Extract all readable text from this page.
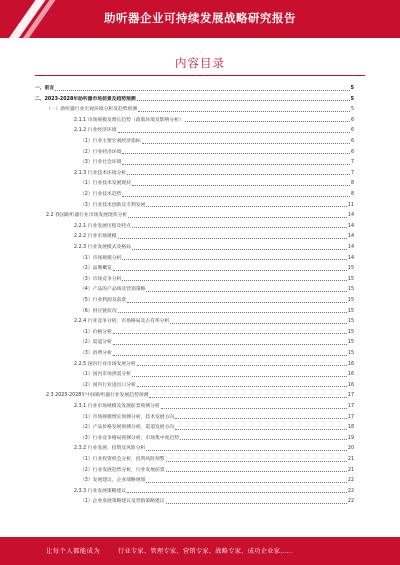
助听器企业可持续发展战略研究报告
内容目录
一、前言	5
二、2023-2028年助听器市场前景及趋势预测	5
（一）助听器行业宏观环境分析及趋势预测	5
2.1.1 市场规模及增长趋势（政策环境及影响分析）	6
2.1.2 行业经济环境	6
（1）行业主要宏观经济指标	6
（2）行业经济环境	6
（3）行业社会环境	7
2.1.3 行业技术环境分析	7
（1）行业技术发展现状	8
（2）行业技术趋势	8
（3）行业技术创新及专利发展	11
2.2 我国助听器行业市场发展现状分析	14
2.2.1 行业发展历程及特点	14
2.2.2 行业市场规模	14
2.2.3 行业发展模式及格局	14
（1）市场规模分析	14
（2）品牌概览	15
（3）市场竞争分析	15
（4）产品的产品线及营销策略	15
（5）行业利润及前景	15
（6）供应链状况	15
2.2.4 行业竞争分析、市场格局及占有率分析	15
（1）价格分析	15
（2）渠道分析	15
（3）消费分析	15
2.2.5 国内行业市场发展分析	16
（1）国内市场供需分析	16
（2）国内行业进出口分析	16
2.3 2023-2028年中国助听器行业发展趋势预测	17
2.3.1 行业市场规模及发展前景预测分析	17
（1）市场规模增长预测分析，技术发展方向	17
（2）产品价格发展预测分析，渠道发展方向	18
（3）行业竞争格局预测分析，市场集中度趋势	19
2.3.2 行业发展、投资及风险分析	20
（1）行业投资机会分析，投资风险预警	21
（2）行业发展趋势分析，行业发展前景	21
（3）发展建议，企业战略规划	22
2.3.3 行业发展策略建议	22
（1）企业发展策略建议及营销策略建议	22
让每个人都能成为	行业专家、管理专家、营销专家、战略专家、成功企业家……
